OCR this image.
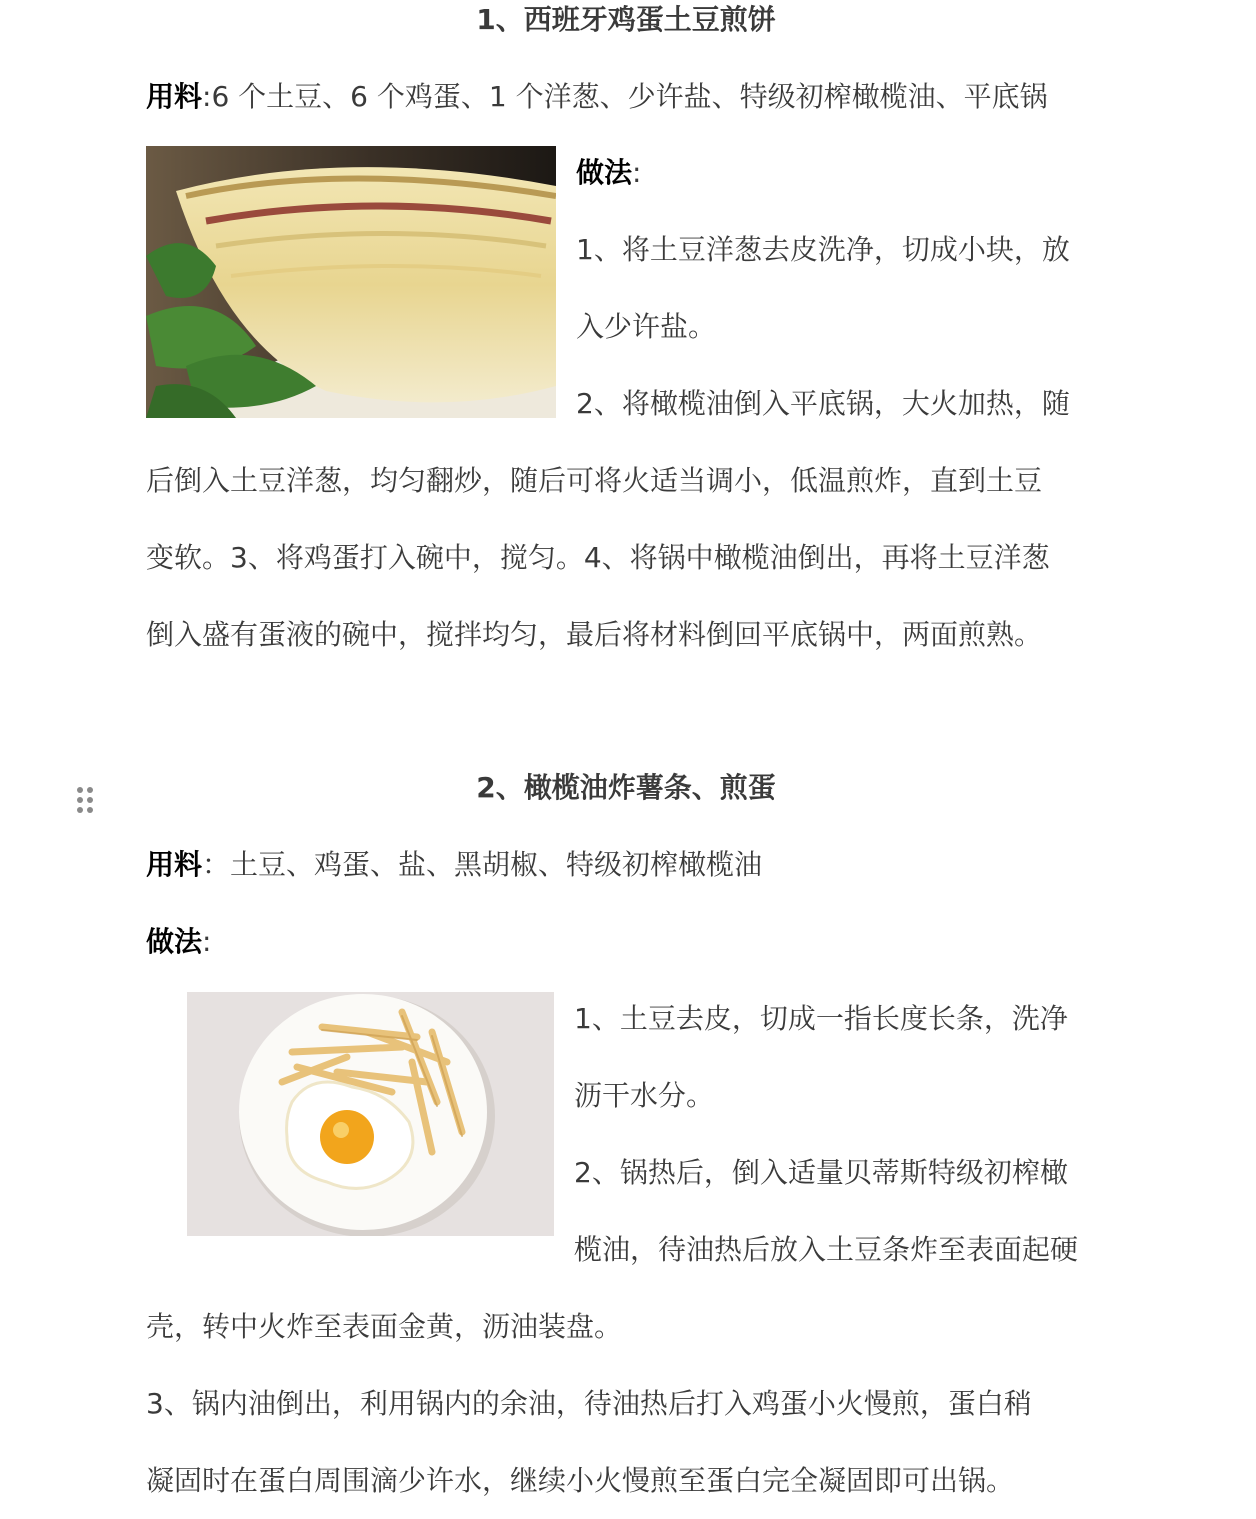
1、西班牙鸡蛋土豆煎饼
用料:6 个土豆、6 个鸡蛋、1 个洋葱、少许盐、特级初榨橄榄油、平底锅
做法:
1、将土豆洋葱去皮洗净，切成小块，放
入少许盐。
2、将橄榄油倒入平底锅，大火加热，随
后倒入土豆洋葱，均匀翻炒，随后可将火适当调小，低温煎炸，直到土豆
变软。3、将鸡蛋打入碗中，搅匀。4、将锅中橄榄油倒出，再将土豆洋葱
倒入盛有蛋液的碗中，搅拌均匀，最后将材料倒回平底锅中，两面煎熟。
2、橄榄油炸薯条、煎蛋
用料：土豆、鸡蛋、盐、黑胡椒、特级初榨橄榄油
做法:
1、土豆去皮，切成一指长度长条，洗净
沥干水分。
2、锅热后，倒入适量贝蒂斯特级初榨橄
榄油，待油热后放入土豆条炸至表面起硬
壳，转中火炸至表面金黄，沥油装盘。
3、锅内油倒出，利用锅内的余油，待油热后打入鸡蛋小火慢煎，蛋白稍
凝固时在蛋白周围滴少许水，继续小火慢煎至蛋白完全凝固即可出锅。
